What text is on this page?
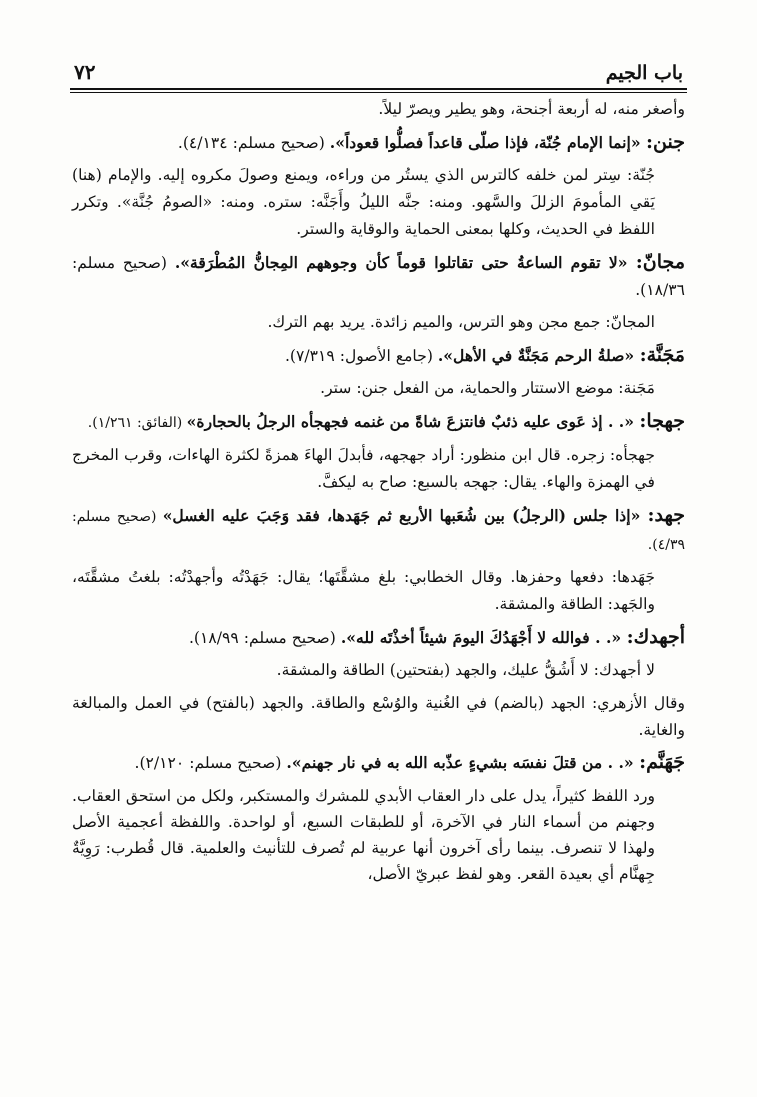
باب الجيم
٧٢

وأصغر منه، له أربعة أجنحة، وهو يطير ويصرّ ليلاً.

جنن: «إنما الإمام جُنّة، فإذا صلّى قاعداً فصلُّوا قعوداً». (صحيح مسلم: ٤/١٣٤).

جُنّة: سِتر لمن خلفه كالترس الذي يستُر من وراءه، ويمنع وصولَ مكروه إليه. والإمام (هنا) يَقي المأمومَ الزللَ والسَّهو. ومنه: جنَّه الليلُ وأَجَنَّه: ستره. ومنه: «الصومُ جُنَّة». وتكرر اللفظ في الحديث، وكلها بمعنى الحماية والوقاية والستر.

مجانّ: «لا تقوم الساعةُ حتى تقاتلوا قوماً كأن وجوههم المِجانُّ المُطْرَقة». (صحيح مسلم: ١٨/٣٦).

المجانّ: جمع مجن وهو الترس، والميم زائدة. يريد بهم الترك.

مَجَنَّة: «صلةُ الرحم مَجَنَّةٌ في الأهل». (جامع الأصول: ٧/٣١٩).

مَجَنة: موضع الاستتار والحماية، من الفعل جنن: ستر.

جهجا: «. . إذ عَوى عليه ذئبٌ فانتزعَ شاةً من غنمه فجهجأه الرجلُ بالحجارة» (الفائق: ١/٢٦١).

جهجأه: زجره. قال ابن منظور: أراد جهجهه، فأبدلَ الهاءَ همزةً لكثرة الهاءات، وقرب المخرج في الهمزة والهاء. يقال: جهجه بالسبع: صاح به ليكفَّ.

جهد: «إذا جلس (الرجلُ) بين شُعَبها الأربع ثم جَهَدها، فقد وَجَبَ عليه الغسل» (صحيح مسلم: ٤/٣٩).

جَهَدها: دفعها وحفزها. وقال الخطابي: بلغ مشقَّتَها؛ يقال: جَهَدْتُه وأجهدْتُه: بلغتُ مشقَّتَه، والجَهد: الطاقة والمشقة.

أجهدك: «. . فوالله لا أَجْهَدُكَ اليومَ شيئاً أخذْتَه لله». (صحيح مسلم: ١٨/٩٩).

لا أجهدك: لا أَشُقُّ عليك، والجهد (بفتحتين) الطاقة والمشقة.

وقال الأزهري: الجهد (بالضم) في الغُنية والوُسْع والطاقة. والجهد (بالفتح) في العمل والمبالغة والغاية.

جَهَنَّم: «. . من قتلَ نفسَه بشيءٍ عذّبه الله به في نار جهنم». (صحيح مسلم: ٢/١٢٠).

ورد اللفظ كثيراً، يدل على دار العقاب الأبدي للمشرك والمستكبر، ولكل من استحق العقاب. وجهنم من أسماء النار في الآخرة، أو للطبقات السبع، أو لواحدة. واللفظة أعجمية الأصل ولهذا لا تنصرف. بينما رأى آخرون أنها عربية لم تُصرف للتأنيث والعلمية. قال قُطرب: رَوِيَّةٌ جِهنَّام أي بعيدة القعر. وهو لفظ عبريّ الأصل،
